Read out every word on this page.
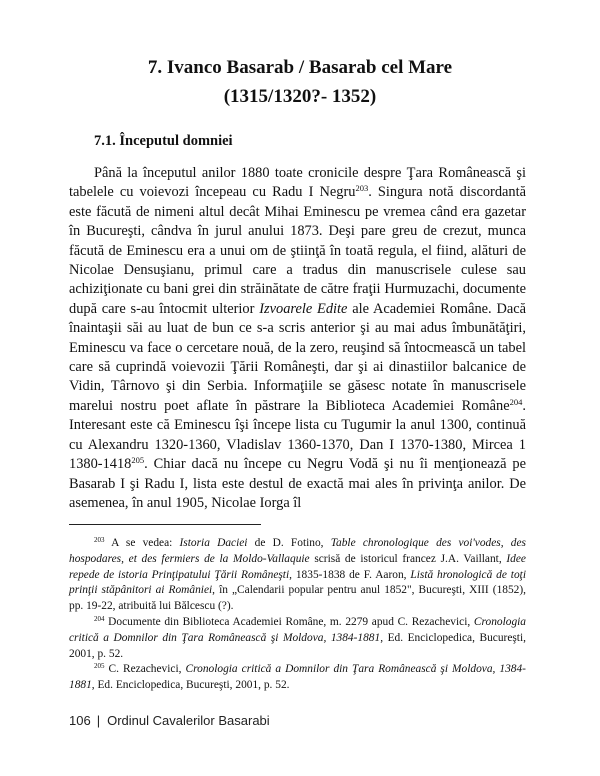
7. Ivanco Basarab / Basarab cel Mare
(1315/1320?- 1352)
7.1. Începutul domniei

Până la începutul anilor 1880 toate cronicile despre Ţara Românească şi tabelele cu voievozi începeau cu Radu I Negru$^{203}$. Singura notă discordantă este făcută de nimeni altul decât Mihai Eminescu pe vremea când era gazetar în Bucureşti, cândva în jurul anului 1873. Deşi pare greu de crezut, munca făcută de Eminescu era a unui om de ştiinţă în toată regula, el fiind, alături de Nicolae Densuşianu, primul care a tradus din manuscrisele culese sau achiziţionate cu bani grei din străinătate de către fraţii Hurmuzachi, documente după care s-au întocmit ulterior Izvoarele Edite ale Academiei Române. Dacă înaintaşii săi au luat de bun ce s-a scris anterior şi au mai adus îmbunătăţiri, Eminescu va face o cercetare nouă, de la zero, reuşind să întocmească un tabel care să cuprindă voievozii Ţării Româneşti, dar şi ai dinastiilor balcanice de Vidin, Târnovo şi din Serbia. Informaţiile se găsesc notate în manuscrisele marelui nostru poet aflate în păstrare la Biblioteca Academiei Române$^{204}$. Interesant este că Eminescu îşi începe lista cu Tugumir la anul 1300, continuă cu Alexandru 1320-1360, Vladislav 1360-1370, Dan I 1370-1380, Mircea 1 1380-1418$^{205}$. Chiar dacă nu începe cu Negru Vodă şi nu îi menţionează pe Basarab I şi Radu I, lista este destul de exactă mai ales în privinţa anilor. De asemenea, în anul 1905, Nicolae Iorga îl

$^{203}$ A se vedea: Istoria Daciei de D. Fotino, Table chronologique des voi'vodes, des hospodares, et des fermiers de la Moldo-Vallaquie scrisă de istoricul francez J.A. Vaillant, Idee repede de istoria Prinţipatului Ţării Româneşti, 1835-1838 de F. Aaron, Listă hronologică de toţi prinţii stăpânitori ai României, în „Calendarii popular pentru anul 1852", Bucureşti, XIII (1852), pp. 19-22, atribuită lui Bălcescu (?).

$^{204}$ Documente din Biblioteca Academiei Române, m. 2279 apud C. Rezachevici, Cronologia critică a Domnilor din Ţara Românească şi Moldova, 1384-1881, Ed. Enciclopedica, Bucureşti, 2001, p. 52.

$^{205}$ C. Rezachevici, Cronologia critică a Domnilor din Ţara Românească şi Moldova, 1384-1881, Ed. Enciclopedica, Bucureşti, 2001, p. 52.

106 | Ordinul Cavalerilor Basarabi
